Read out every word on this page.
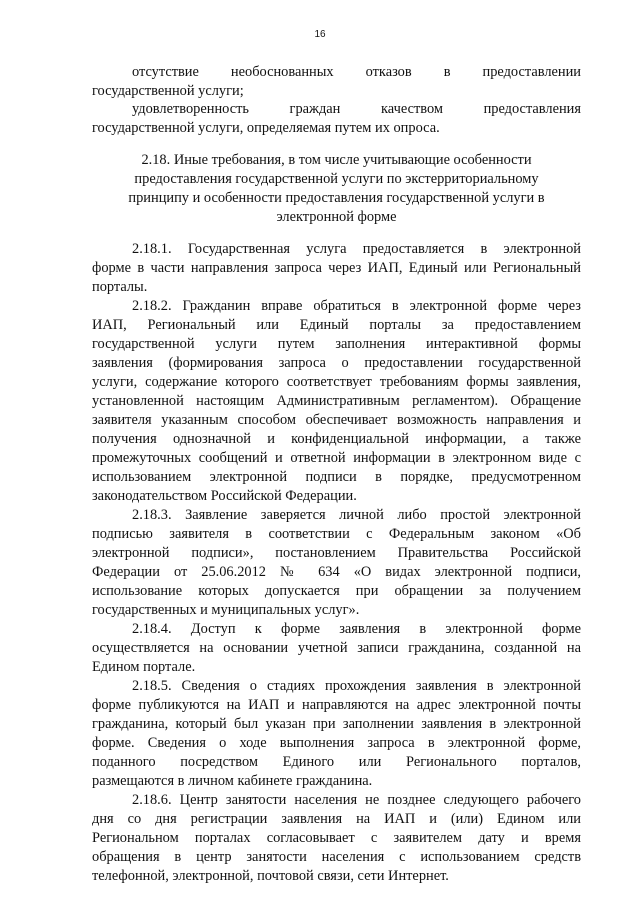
16
отсутствие необоснованных отказов в предоставлении
государственной услуги;
удовлетворенность граждан качеством предоставления
государственной услуги, определяемая путем их опроса.
2.18. Иные требования, в том числе учитывающие особенности
предоставления государственной услуги по экстерриториальному
принципу и особенности предоставления государственной услуги в
электронной форме
2.18.1. Государственная услуга предоставляется в электронной
форме в части направления запроса через ИАП, Единый или Региональный
порталы.
2.18.2. Гражданин вправе обратиться в электронной форме через
ИАП, Региональный или Единый порталы за предоставлением
государственной услуги путем заполнения интерактивной формы
заявления (формирования запроса о предоставлении государственной
услуги, содержание которого соответствует требованиям формы заявления,
установленной настоящим Административным регламентом). Обращение
заявителя указанным способом обеспечивает возможность направления и
получения однозначной и конфиденциальной информации, а также
промежуточных сообщений и ответной информации в электронном виде с
использованием электронной подписи в порядке, предусмотренном
законодательством Российской Федерации.
2.18.3. Заявление заверяется личной либо простой электронной
подписью заявителя в соответствии с Федеральным законом «Об
электронной подписи», постановлением Правительства Российской
Федерации от 25.06.2012 № 634 «О видах электронной подписи,
использование которых допускается при обращении за получением
государственных и муниципальных услуг».
2.18.4. Доступ к форме заявления в электронной форме
осуществляется на основании учетной записи гражданина, созданной на
Едином портале.
2.18.5. Сведения о стадиях прохождения заявления в электронной
форме публикуются на ИАП и направляются на адрес электронной почты
гражданина, который был указан при заполнении заявления в электронной
форме. Сведения о ходе выполнения запроса в электронной форме,
поданного посредством Единого или Регионального порталов,
размещаются в личном кабинете гражданина.
2.18.6. Центр занятости населения не позднее следующего рабочего
дня со дня регистрации заявления на ИАП и (или) Едином или
Региональном порталах согласовывает с заявителем дату и время
обращения в центр занятости населения с использованием средств
телефонной, электронной, почтовой связи, сети Интернет.
